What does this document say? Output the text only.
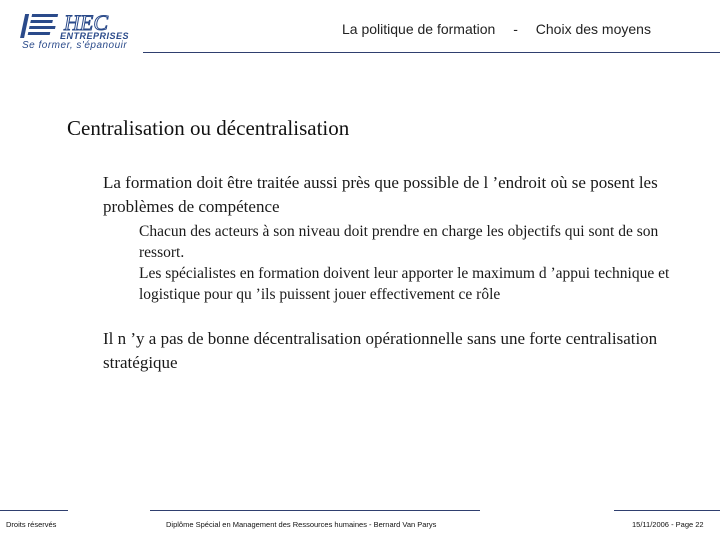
HEC
ENTREPRISES
Se former, s'épanouir
La politique de formation - Choix des moyens
Centralisation ou décentralisation
La formation doit être traitée aussi près que possible de l ’endroit où se posent les problèmes de compétence
Chacun des acteurs à son niveau doit prendre en charge les objectifs qui sont de son ressort.
Les spécialistes en formation doivent leur apporter le maximum d ’appui technique et logistique pour qu ’ils puissent jouer effectivement ce rôle
Il n ’y a pas de bonne décentralisation opérationnelle sans une forte centralisation stratégique
Droits réservés	Diplôme Spécial en Management des Ressources humaines - Bernard Van Parys	15/11/2006 - Page 22
